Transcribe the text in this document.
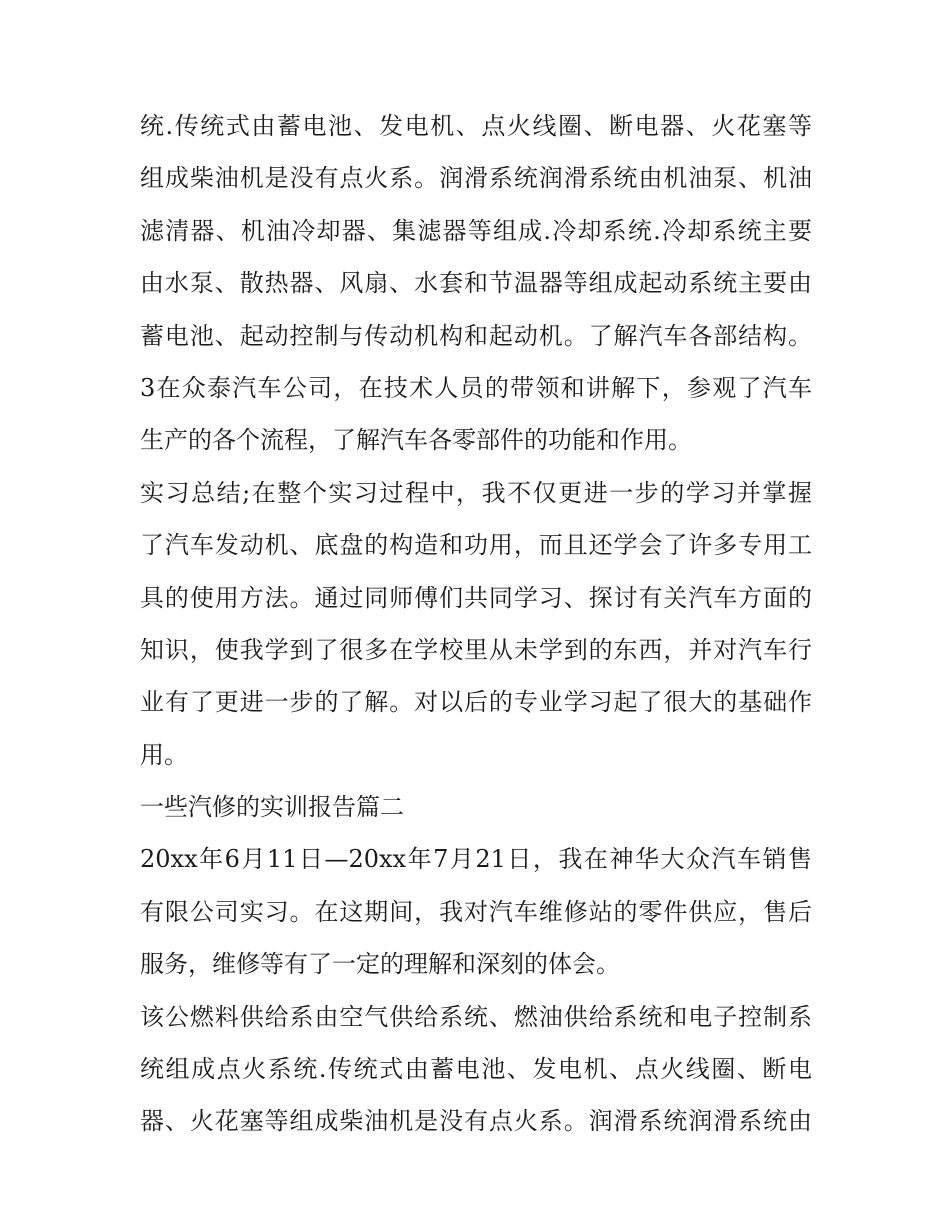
统.传统式由蓄电池、发电机、点火线圈、断电器、火花塞等
组成柴油机是没有点火系。润滑系统润滑系统由机油泵、机油
滤清器、机油冷却器、集滤器等组成.冷却系统.冷却系统主要
由水泵、散热器、风扇、水套和节温器等组成起动系统主要由
蓄电池、起动控制与传动机构和起动机。了解汽车各部结构。
3在众泰汽车公司，在技术人员的带领和讲解下，参观了汽车
生产的各个流程，了解汽车各零部件的功能和作用。
实习总结;在整个实习过程中，我不仅更进一步的学习并掌握
了汽车发动机、底盘的构造和功用，而且还学会了许多专用工
具的使用方法。通过同师傅们共同学习、探讨有关汽车方面的
知识，使我学到了很多在学校里从未学到的东西，并对汽车行
业有了更进一步的了解。对以后的专业学习起了很大的基础作
用。
一些汽修的实训报告篇二
20xx年6月11日—20xx年7月21日，我在神华大众汽车销售
有限公司实习。在这期间，我对汽车维修站的零件供应，售后
服务，维修等有了一定的理解和深刻的体会。
该公燃料供给系由空气供给系统、燃油供给系统和电子控制系
统组成点火系统.传统式由蓄电池、发电机、点火线圈、断电
器、火花塞等组成柴油机是没有点火系。润滑系统润滑系统由
